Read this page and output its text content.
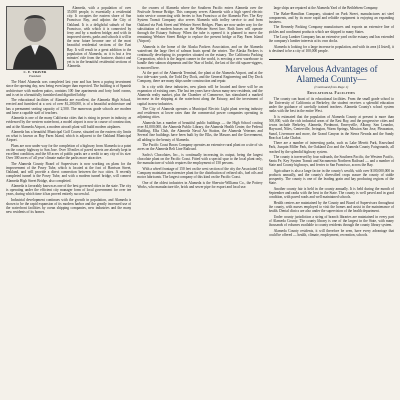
C. E. TRAVER
President

Alameda, with a population of over 35,000 people, is essentially a residential city. It occupies the eastern shore of San Francisco Bay, and adjoins the City of Oakland. It is a delightful suburb of San Francisco, with which it is connected by ferry and by a modern bridge; and with its improved streets, parks and schools it will in the near future become one of the most beautiful residential sections of the East Bay. It will result in a great addition to the population of Alameda, as it is but a few minutes' ride from the business district and yet is in the beautiful residential sections of Alameda.

The Hotel Alameda was completed last year and has been a paying investment since the opening day, now being even larger than expected. The building is of Spanish architecture with modern patios, contains 100 fine apartments and forty hotel rooms, and is set in a beautifully furnished and dignified lobby.

The educational facilities of Alameda are excellent, the Alameda High School, erected and furnished at a cost of over $1,200,000, is of a beautiful architecture and has a permanent seating capacity of 2,500. The numerous grade schools are modern and have a capable staff of teachers.

Alameda is one of the many California cities that is rising in power in industry, as evidenced by the western waterfront, a model airport is now in course of construction, and at the Alameda Airport, a modern aircraft plant will build modern airplanes.

Alameda has a beautiful Municipal Golf Course, situated on the eastern city limits on what is known as Bay Farm Island, which is adjacent to the Oakland Municipal Airport.

Plans are now under way for the completion of a highway from Alameda to a point on the county highway to San Jose. Over 30 miles of paved streets are already kept in excellent condition, and the 60 acres of public parks are a credit to any city of its size. Over 300 acres of 'all year' climate make the parks more attractive.

The Alameda County Board of Supervisors is now working on plans for the improvement of the Posey Tube, which is located at the foot of Harrison Street, Oakland, and will provide a direct connection between the two cities. A recently completed tunnel is the Posey Tube, and with a modern tunnel bridge, will connect Alameda High Street Bridge, also completed.

Alameda is favorably known as one of the best governed cities in the state. The city is operating under the efficient city manager form of local government for over ten years, during which time it has proved entirely successful.

Industrial development continues with the growth in population, and Alameda is shown to be the rapid expansion of its modern harbor and the greatly increased use of the waterfront facilities by ocean shipping companies, new industries and the many new residents of its homes.

the owners of Alameda where the Southern Pacific enters Alameda over the Fruitvale Avenue Bridge. This company serves Alameda with a high speed electric train service connecting with ferries to San Francisco at the Alameda Pier. The Key System Transit Company also serves Alameda with trolley service to and from Oakland via Park Street and Webster Street Bridges. Plans are now under way for the substitution of modern busses on the Webster Street line. Both lines will operate through the Estuary Subway. When the tube is opened it is planned to move the remaining Webster Street Bridge to replace the present bridge at Bay Farm Island (Airport).

Alameda is the home of the Alaska Packers Association, and on the Alameda waterfront the large fleet of salmon boats spend the winter. The Alaska Packers is continually developing its properties situated on the estuary. The California Packing Corporation, which is the largest canner in the world, is erecting a new warehouse to handle their salmon shipments and the 'Star of India', the last of the old square-riggers, is moored here.

At the port of the Alameda Terminal, the plant at the Alameda Airport, and at the two tide-water yards, the Todd Dry Dock, and the General Engineering and Dry Dock Company, there are many ships under construction and repair.

In a city with these industries, new plants will be located and there will be an expansion of existing ones. The last ten years have shown many new residents, and the Alameda realty market, plus the Chamber of Commerce, has stimulated a marked increase in the shipping at the waterfront along the Estuary, and the investment of capital in new industries.

The City of Alameda operates a Municipal Electric Light plant serving industry and residences at lower rates than the commercial power companies operating in adjoining cities.

Alameda has a number of beautiful public buildings — the High School costing over $1,000,000, the Alameda Public Library, the Alameda Health Center, the Federal Building, Elks Club, the Alameda Naval Air Station, the Alameda Veterans and Several fine buildings have been built by the Elks, the Masons and the Government, all adding to the beauty of Alameda.

The Pacific Coast Borax Company operates an extensive rural plant on a site of six acres on the Alameda Belt Line Railroad.

Sachs's Chocolates, Inc., is continually increasing its output, being the largest chocolate plant on the Pacific Coast. Fitted with a special spur to the local plant only, the manufacture of which requires the employment of 150 persons.

With a wheel frontage of 150 feet on the west section of the city the Associated Oil Company maintains an extensive plant for the distribution of refined oils, fuel oils and motor lubricants. The largest company of this kind on the Pacific Coast.

One of the oldest industries in Alameda is the Sherwin-Williams Co., the Pottery Works, who manufacture tile, brick and sewer pipe for export and local use.

large ships are repaired at the Alameda Yard of the Bethlehem Company.

The Baker-Hamilton Company, situated on Park Street, manufactures art steel components, and by its more rapid and reliable equipment is enjoying an expanding business.

The Kennedy Packing Company manufactures and exports an extensive line of pickles and condiment products which are shipped to many States.

The Loop Lumber Company has an extensive yard on the estuary and has extended the company's lumber interests at its own docks.

Alameda is looking for a large increase in population, and with its area (4 listed), it is destined to be a city of 100,000 people.

Marvelous Advantages of Alameda County—
(Continued from Page 1)
Educational Facilities

The county can boast of its educational facilities. From the small grade school to the University of California at Berkeley, the student receives a splendid education under the guidance of carefully trained teachers. Alameda County's school system ranks with the best in the entire West.

It is estimated that the population of Alameda County at present is more than 500,000, with the rich industrial areas of the East Bay, and the progressive cities and towns include Berkeley, Alameda, Piedmont, Emeryville, Albany, San Leandro, Hayward, Niles, Centerville, Irvington, Warm Springs, Mission San Jose, Pleasanton, Sunol, Livermore and more, the Grand Canyon in the Sierra Nevada and the Sandy Beach at Lake Chabot.

There are a number of interesting parks, such as Lake Merritt Park, Knowland Park, Joaquin Miller Park, the Oakland Zoo and the Alameda County Fairgrounds, all reached by the splendid highway system.

The county is traversed by four railroads, the Southern Pacific, the Western Pacific, Santa Fe, Key System Transit and Sacramento Northern Railroad — and a number of State and County highways, and ferries to San Francisco, across the Bay.

Agriculture is also a large factor in the county's wealth, with over $100,000,000 in products annually, and the county's diversified crops assure the county of stable prosperity. The county is one of the leading grain and hay producing regions of the State.

Another county fair is held in the county annually. It is held during the month of September and ranks with the best in the State. The county is well paved and in good condition, with paved roads and well maintained schools.

Health centers are maintained by the County and Board of Supervisors throughout the county, with nurses employed to visit the homes and assist in the maintenance of health. Dental clinics are also under the supervision of the health department.

Under county jurisdiction a string of branch libraries are maintained in every part of Alameda County. The county library is one of the largest in the State, with many thousands of volumes available to county residents through the county library system.

Alameda County residents, it will therefore be seen, have every advantage that could be offered — health, climate, employment, recreation, schools.
